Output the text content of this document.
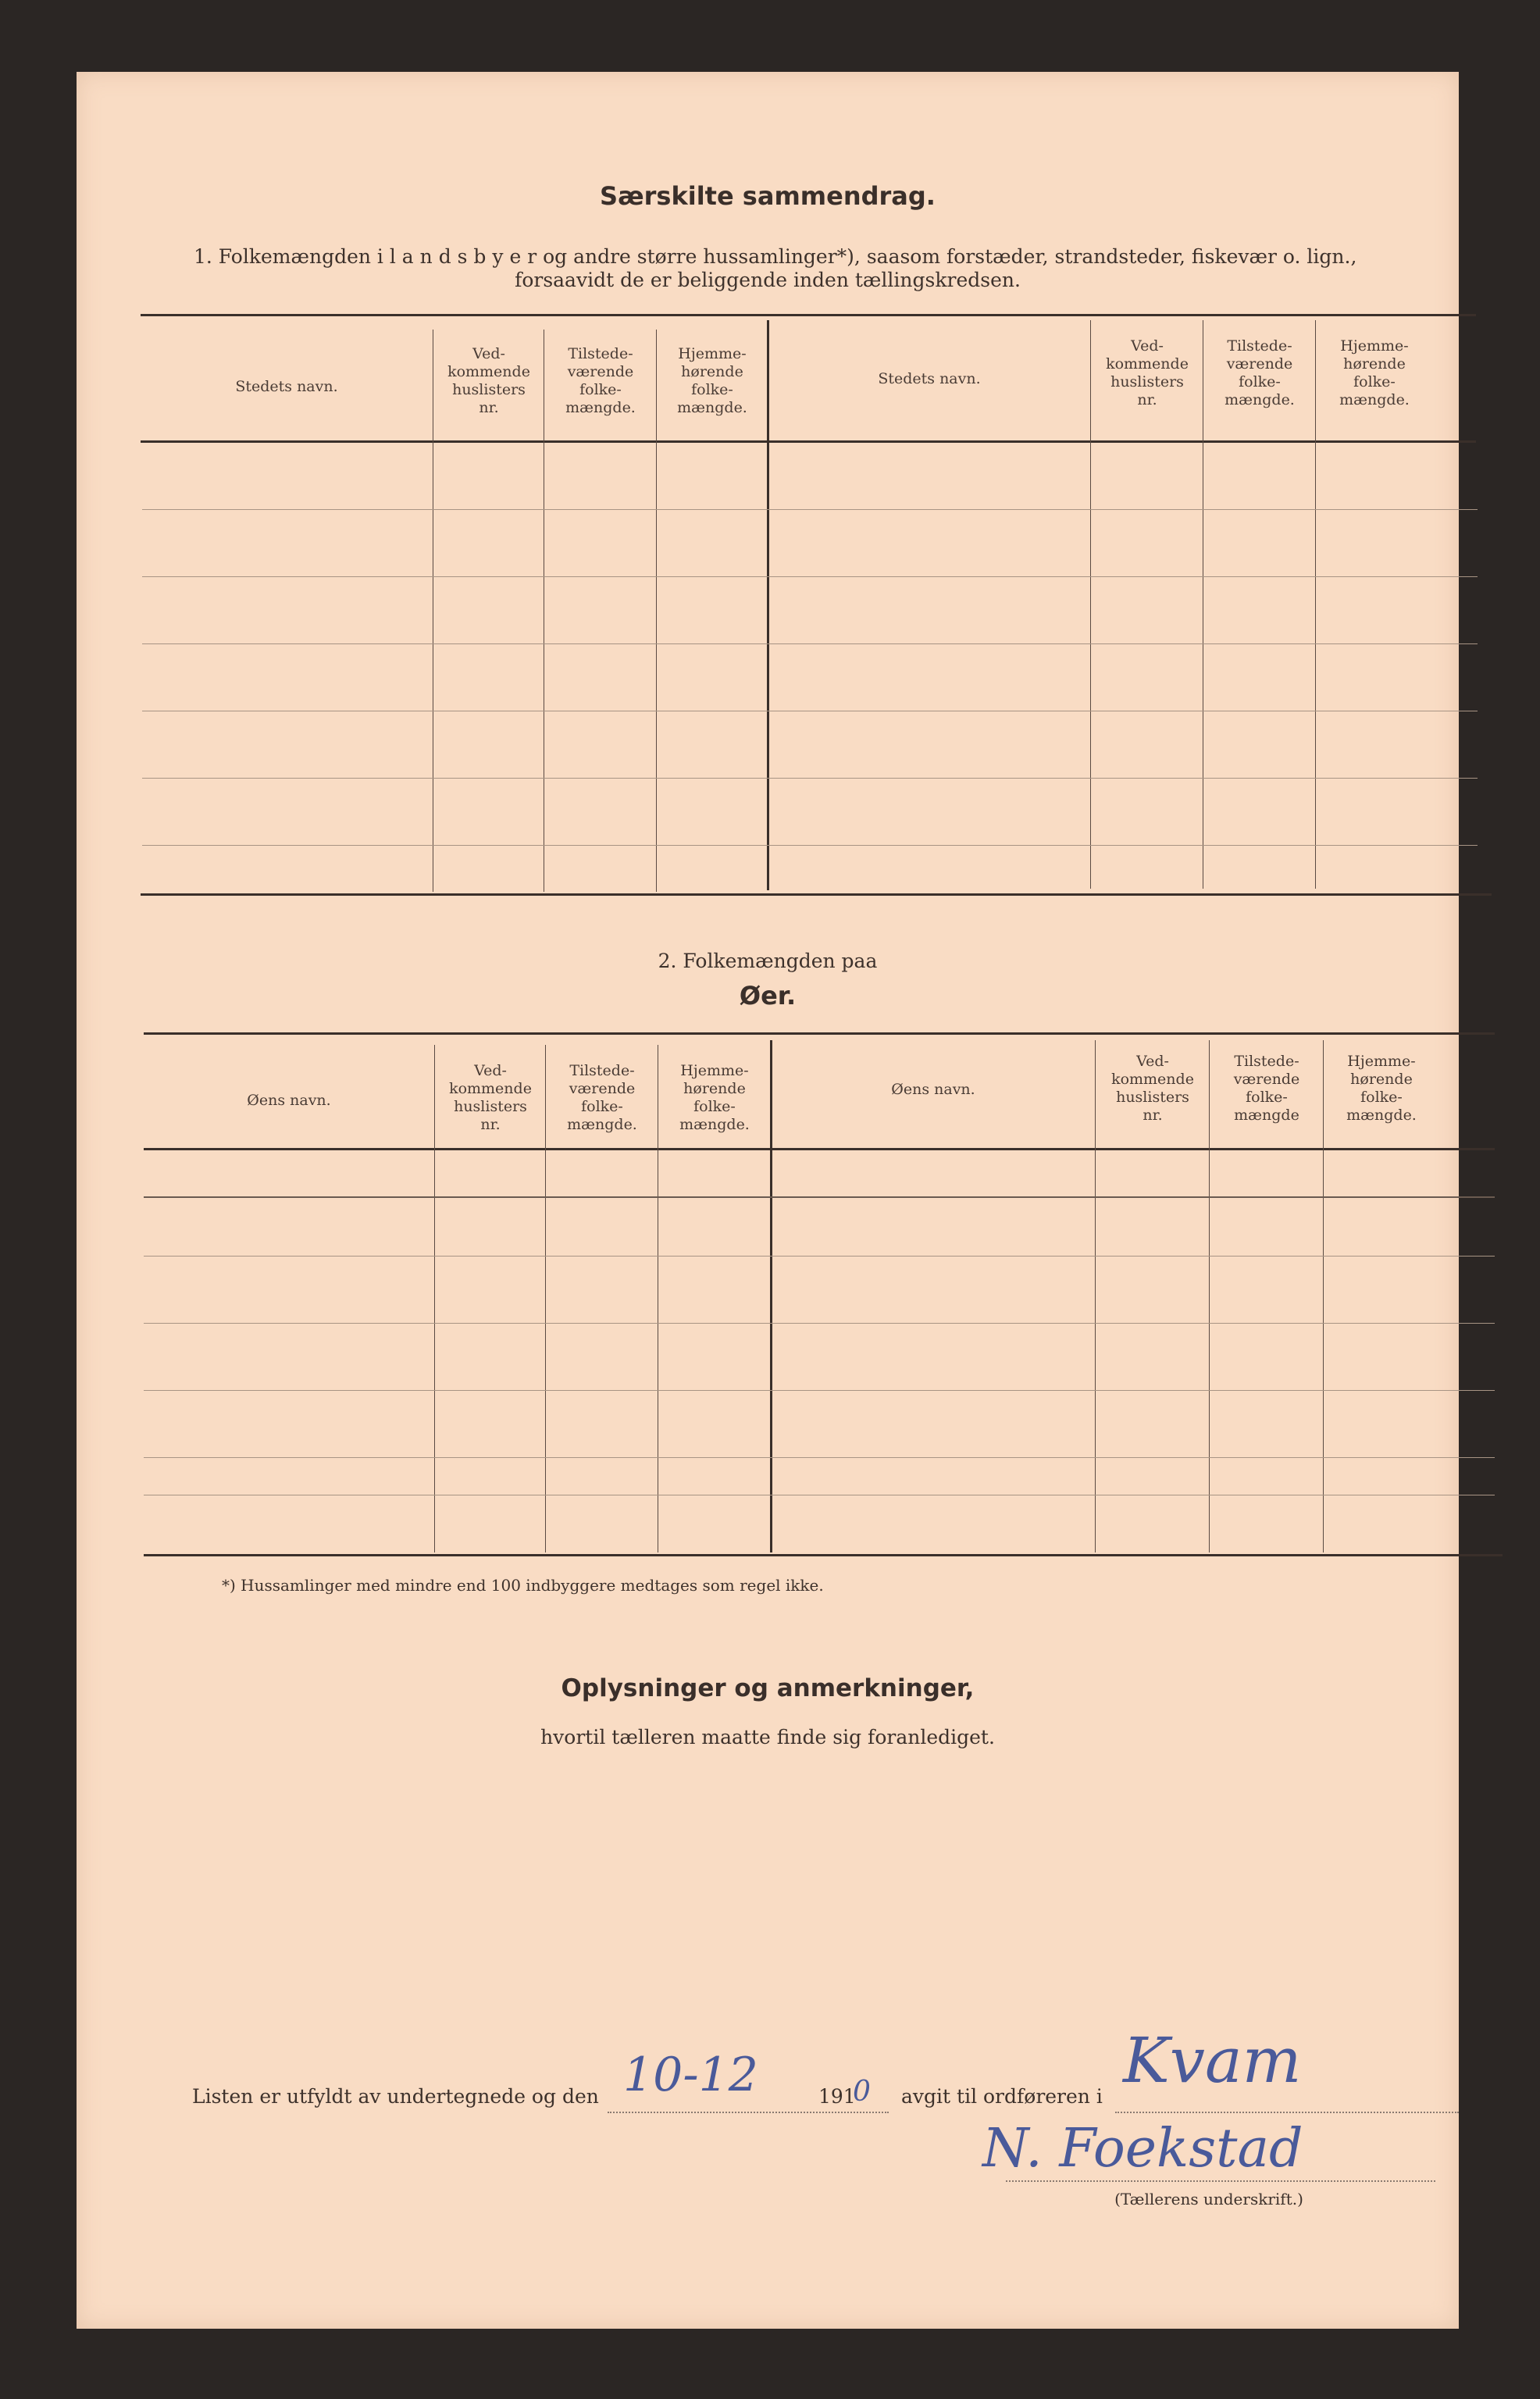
Særskilte sammendrag.
1. Folkemængden i l a n d s b y e r og andre større hussamlinger*), saasom forstæder, strandsteder, fiskevær o. lign.,
forsaavidt de er beliggende inden tællingskredsen.
Stedets navn.
Ved-
kommende
huslisters
nr.
Tilstede-
værende
folke-
mængde.
Hjemme-
hørende
folke-
mængde.
Stedets navn.
Ved-
kommende
huslisters
nr.
Tilstede-
værende
folke-
mængde.
Hjemme-
hørende
folke-
mængde.
2. Folkemængden paa
Øer.
Øens navn.
Ved-
kommende
huslisters
nr.
Tilstede-
værende
folke-
mængde.
Hjemme-
hørende
folke-
mængde.
Øens navn.
Ved-
kommende
huslisters
nr.
Tilstede-
værende
folke-
mængde
Hjemme-
hørende
folke-
mængde.
*) Hussamlinger med mindre end 100 indbyggere medtages som regel ikke.
Oplysninger og anmerkninger,
hvortil tælleren maatte finde sig foranlediget.
Listen er utfyldt av undertegnede og den 10-12	191
0 avgit til ordføreren i Kvam
N. Foekstad
(Tællerens underskrift.)
